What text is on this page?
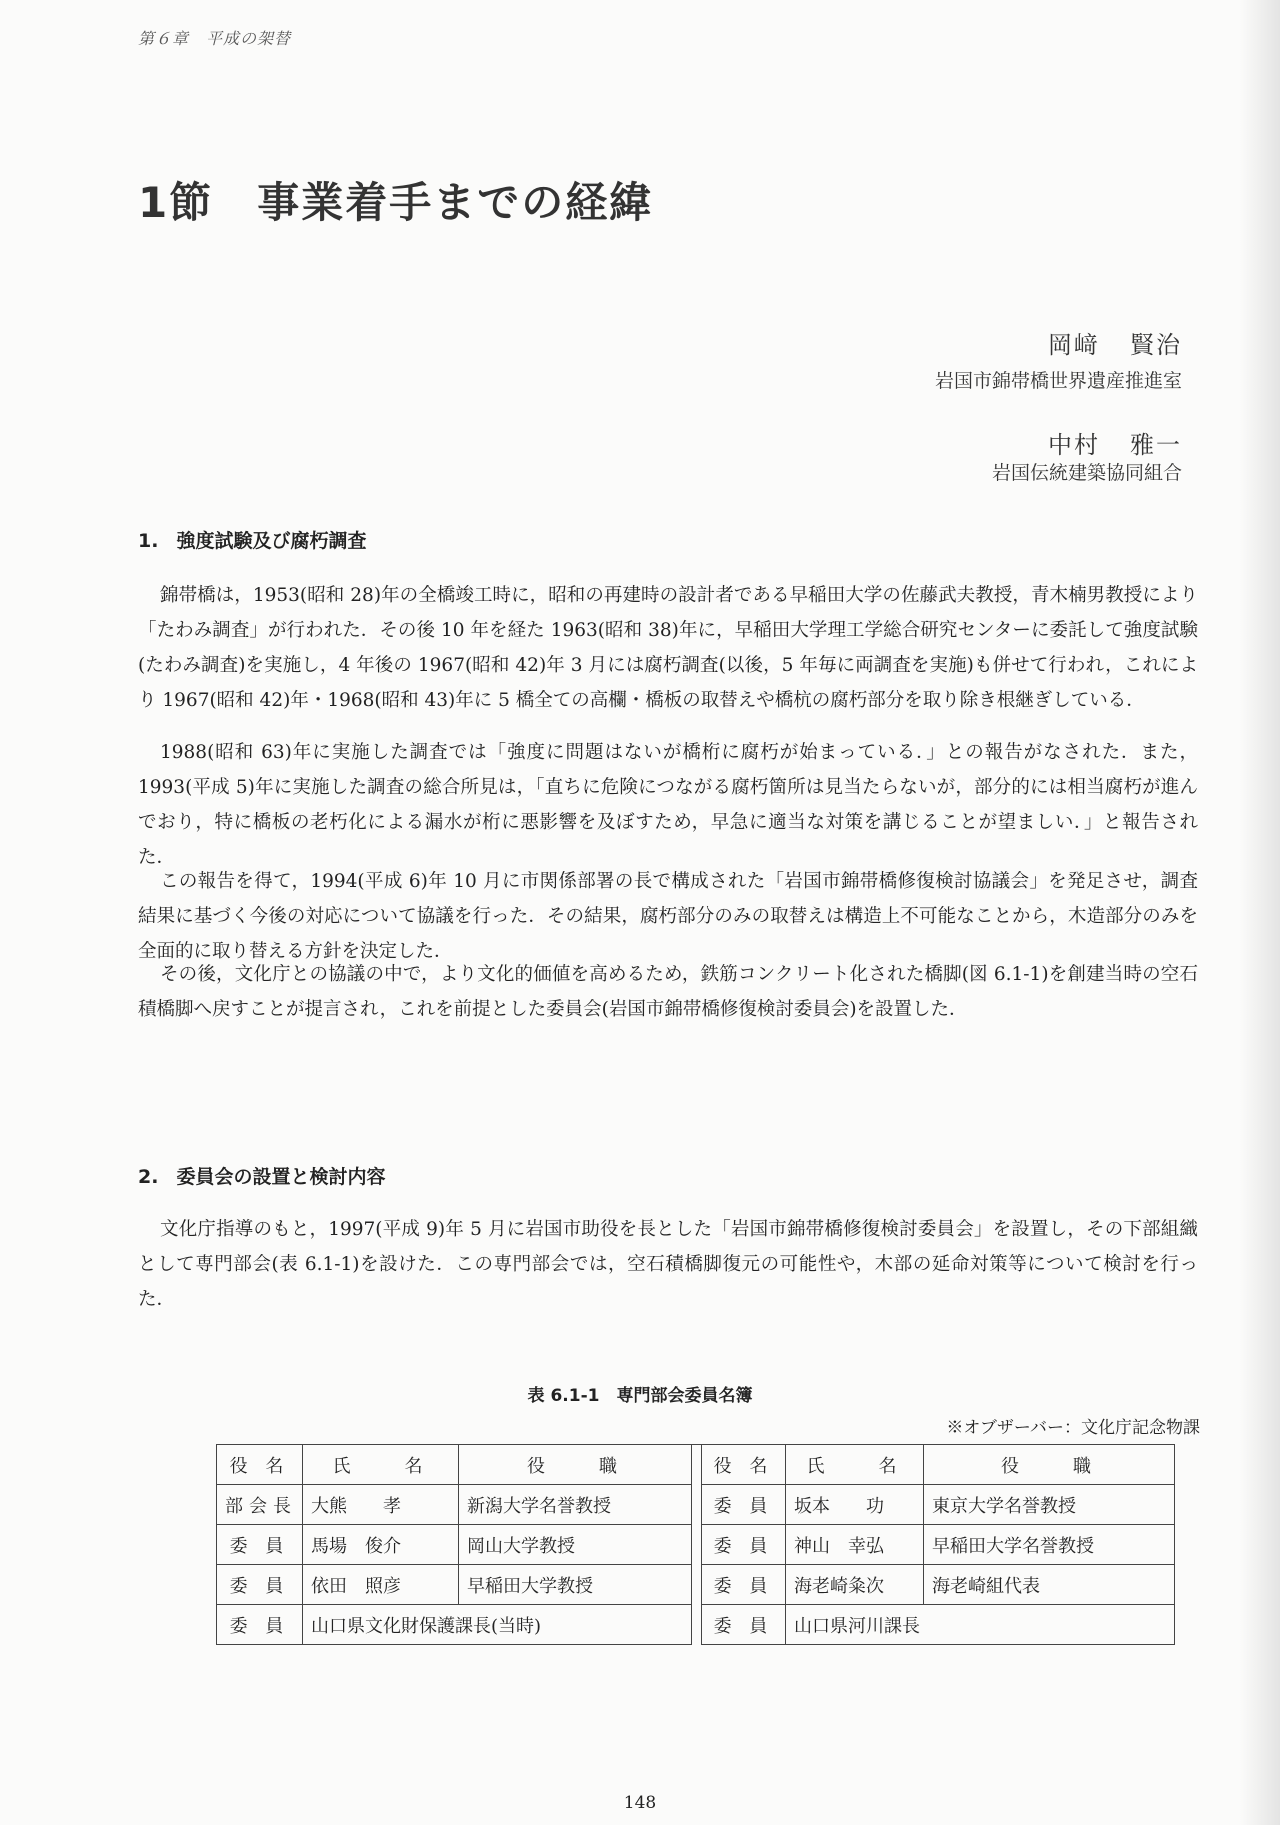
第６章　平成の架替
1節 事業着手までの経緯
岡﨑 賢治
岩国市錦帯橋世界遺産推進室
中村 雅一
岩国伝統建築協同組合
1. 強度試験及び腐朽調査
錦帯橋は，1953(昭和 28)年の全橋竣工時に，昭和の再建時の設計者である早稲田大学の佐藤武夫教授，青木楠男教授により「たわみ調査」が行われた．その後 10 年を経た 1963(昭和 38)年に，早稲田大学理工学総合研究センターに委託して強度試験(たわみ調査)を実施し，4 年後の 1967(昭和 42)年 3 月には腐朽調査(以後，5 年毎に両調査を実施)も併せて行われ，これにより 1967(昭和 42)年・1968(昭和 43)年に 5 橋全ての高欄・橋板の取替えや橋杭の腐朽部分を取り除き根継ぎしている．
1988(昭和 63)年に実施した調査では「強度に問題はないが橋桁に腐朽が始まっている．」との報告がなされた．また，1993(平成 5)年に実施した調査の総合所見は，「直ちに危険につながる腐朽箇所は見当たらないが，部分的には相当腐朽が進んでおり，特に橋板の老朽化による漏水が桁に悪影響を及ぼすため，早急に適当な対策を講じることが望ましい．」と報告された．
この報告を得て，1994(平成 6)年 10 月に市関係部署の長で構成された「岩国市錦帯橋修復検討協議会」を発足させ，調査結果に基づく今後の対応について協議を行った．その結果，腐朽部分のみの取替えは構造上不可能なことから，木造部分のみを全面的に取り替える方針を決定した．
その後，文化庁との協議の中で，より文化的価値を高めるため，鉄筋コンクリート化された橋脚(図 6.1-1)を創建当時の空石積橋脚へ戻すことが提言され，これを前提とした委員会(岩国市錦帯橋修復検討委員会)を設置した．
2. 委員会の設置と検討内容
文化庁指導のもと，1997(平成 9)年 5 月に岩国市助役を長とした「岩国市錦帯橋修復検討委員会」を設置し，その下部組織として専門部会(表 6.1-1)を設けた．この専門部会では，空石積橋脚復元の可能性や，木部の延命対策等について検討を行った．
表 6.1-1　専門部会委員名簿
※オブザーバー：文化庁記念物課
役 名	氏　　名	役　　職		役 名	氏　　名	役　　職
部会長	大熊　　孝	新潟大学名誉教授		委 員	坂本　　功	東京大学名誉教授
委 員	馬場　俊介	岡山大学教授		委 員	神山　幸弘	早稲田大学名誉教授
委 員	依田　照彦	早稲田大学教授		委 員	海老崎粂次	海老崎組代表
委 員	山口県文化財保護課長(当時)			委 員	山口県河川課長	
148
